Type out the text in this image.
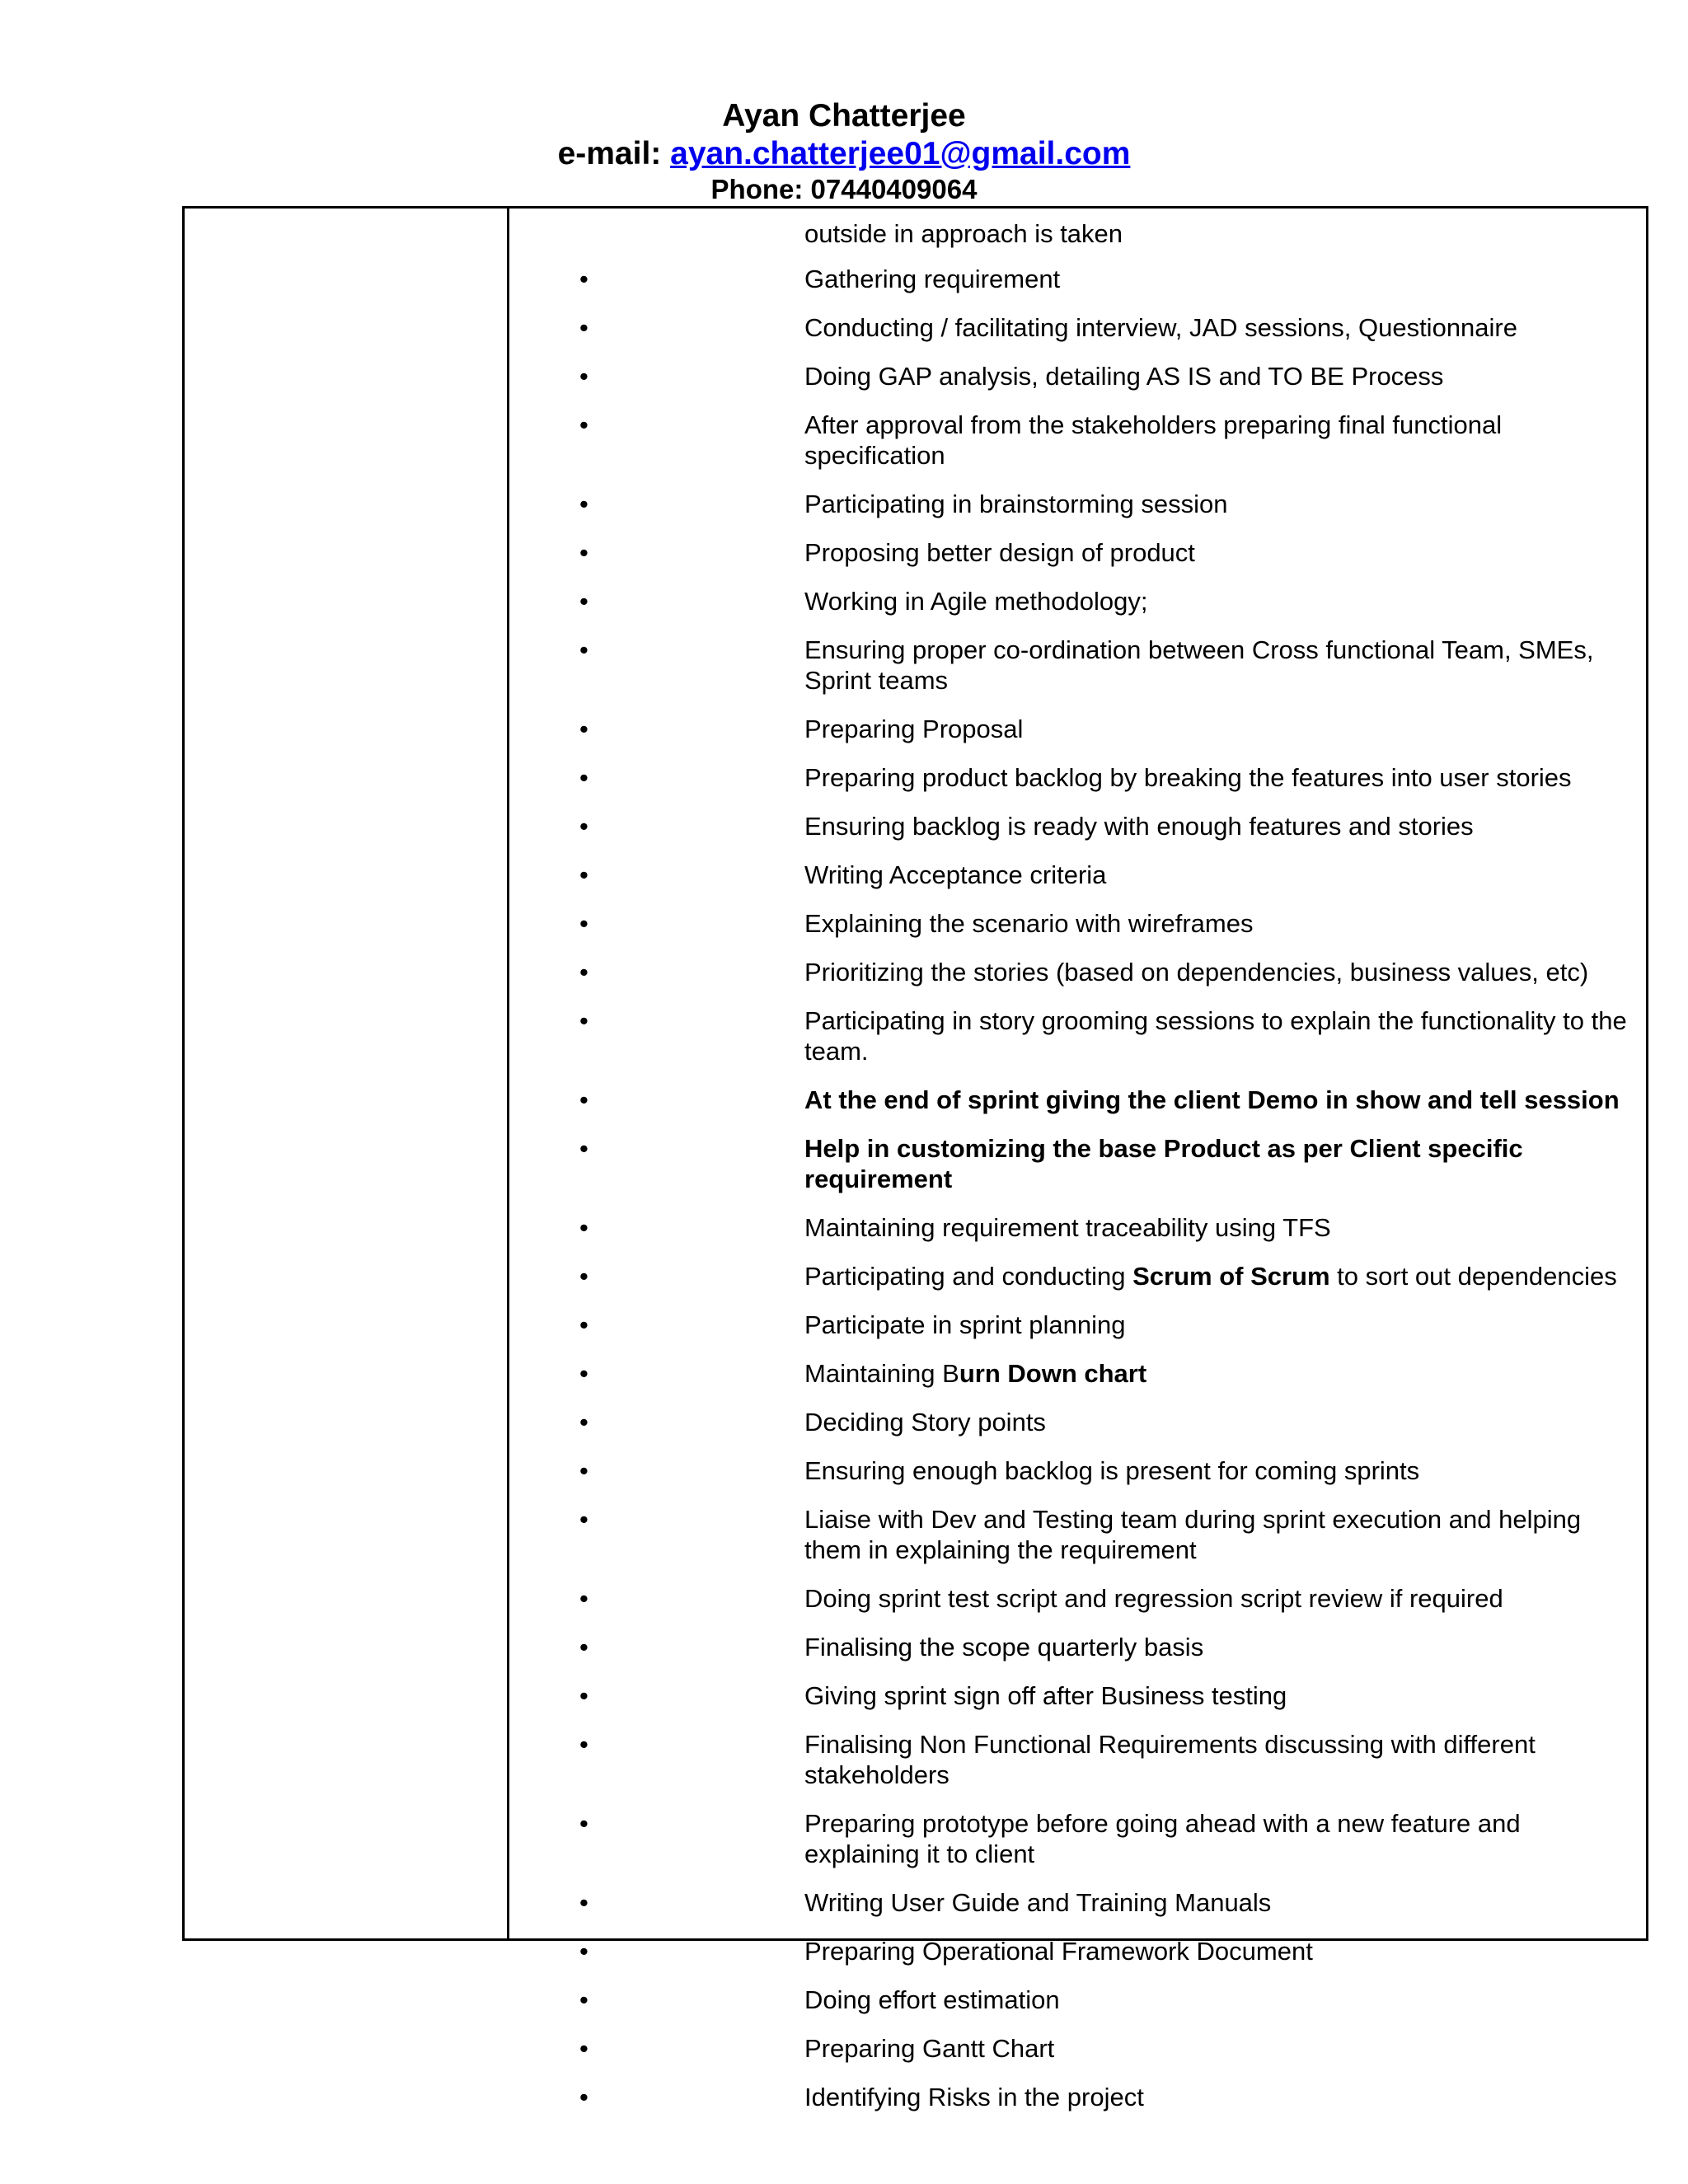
Ayan Chatterjee
e-mail: ayan.chatterjee01@gmail.com
Phone: 07440409064
outside in approach is taken
•	Gathering requirement
•	Conducting / facilitating interview, JAD sessions, Questionnaire
•	Doing GAP analysis, detailing AS IS and TO BE Process
•	After approval from the stakeholders preparing final functional specification
•	Participating in brainstorming session
•	Proposing better design of product
•	Working in Agile methodology;
•	Ensuring proper co-ordination between Cross functional Team, SMEs, Sprint teams
•	Preparing Proposal
•	Preparing product backlog by breaking the features into user stories
•	Ensuring backlog is ready with enough features and stories
•	Writing Acceptance criteria
•	Explaining the scenario with wireframes
•	Prioritizing the stories (based on dependencies, business values, etc)
•	Participating in story grooming sessions to explain the functionality to the team.
•	At the end of sprint giving the client Demo in show and tell session
•	Help in customizing the base Product as per Client specific requirement
•	Maintaining requirement traceability using TFS
•	Participating and conducting Scrum of Scrum to sort out dependencies
•	Participate in sprint planning
•	Maintaining Burn Down chart
•	Deciding Story points
•	Ensuring enough backlog is present for coming sprints
•	Liaise with Dev and Testing team during sprint execution and helping them in explaining the requirement
•	Doing sprint test script and regression script review if required
•	Finalising the scope quarterly basis
•	Giving sprint sign off after Business testing
•	Finalising Non Functional Requirements discussing with different stakeholders
•	Preparing prototype before going ahead with a new feature and explaining it to client
•	Writing User Guide and Training Manuals
•	Preparing Operational Framework Document
•	Doing effort estimation
•	Preparing Gantt Chart
•	Identifying Risks in the project
